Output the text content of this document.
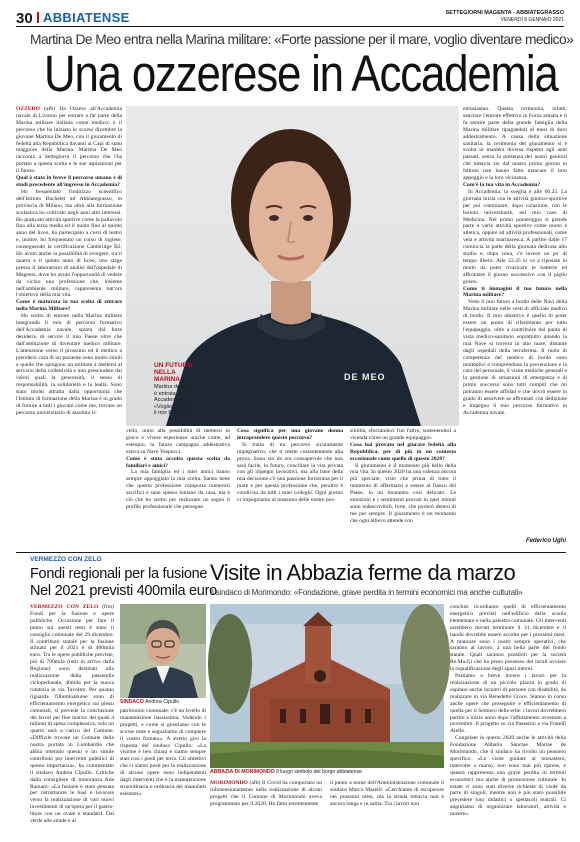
30 ABBIATENSE	SETTEGIORNI MAGENTA - ABBIATEGRASSO
VENERDÌ 8 GENNAIO 2021
Martina De Meo entra nella Marina militare: «Forte passione per il mare, voglio diventare medico»
Una ozzerese in Accademia

OZZERO (afb) Da Ozzero all'Accademia navale di Livorno per entrare a far parte della Marina militare italiana come medico: è il percorso che ha iniziato lo scorso dicembre la giovane Martina De Meo, con il giuramento di fedeltà alla Repubblica davanti ai Capi di stato maggiore della Marina. Martina De Meo racconta a Settegiorni il percorso che l'ha portato a questa scelta e le sue aspirazioni per il futuro.

Qual è stato in breve il percorso umano e di studi precedente all'ingresso in Accademia?

Ho frequentato l'indirizzo scientifico dell'Istituto Bachelet ad Abbiategrasso, in provincia di Milano, ma oltre alla formazione scolastica ho coltivato negli anni altri interessi. Ho praticato attività sportive come la pallavolo fino alla terza media ed il nuoto fino al quinto anno del liceo, ho partecipato a corsi di teatro e, inoltre, ho frequentato un corso di inglese, conseguendo la certificazione Cambridge B2. Ho avuto anche la possibilità di svolgere, tra il quarto e il quinto anno di liceo, uno stage presso il laboratorio di analisi dell'ospedale di Magenta, dove ho avuto l'opportunità di vedere da vicino una professione che, insieme nell'ambiente militare, rappresenta tutt'ora l'obiettivo della mia vita.

Come è maturata la tua scelta di entrare nella Marina Militare?

Ho scelto di entrare nella Marina militare integrando il mio di percorso formativo dell'Accademia navale, spinta dal forte desiderio di servire il mio Paese oltre che dall'ambizione di diventare medico militare. L'attenzione verso il prossimo ed il medico a prendersi cura di un paziente sono molto simili a quelle che spingono un militare a mettersi al servizio della collettività e non prescindere dai valori quali la generosità, il senso di responsabilità, la solidarietà e la lealtà. Sono stato molto attratta dalla opportunità che l'Istituto di formazione della Marina è in grado di fornire a tutti i giovani come me, trovare un percorso universitario di assoluto li-

DE MEO
UN FUTURO NELLA MARINA
Martina de Meo è entrata in Accademia: «Voglio servire il mio Paese»

vello, unito alla possibilità di mettersi in gioco e vivere esperienze uniche come, ad esempio, la futura campagna addestrativa estiva su Nave Vespucci.

Come è stata accolta questa scelta da familiari e amici?

La mia famiglia ed i miei amici hanno sempre appoggiato la mia scelta. Sanno bene che questo professione comporta numerosi sacrifici e sane spesso lontano da casa, ma è ciò che ho scelto per realizzare un sogno il profilo professionale che persegue.

Cosa significa per una giovane donna intraprendere questo percorso?

Si tratta di un percorso sicuramente impegnativo, che ti mette costantemente alla prova. Sono sin da ora consapevole che non sarà facile, in futuro, conciliare la vita privata con gli impegni lavorativi, ma alla base della mia decisione c'è una passione fortissima per il mare e per questa professione che, peraltro è condivisa da tutti i miei colleghi. Ogni giorno ci impegniamo al massimo delle nostre pos-

sibilità, sforzandoci l'un l'altro, sostenendoci a vicenda come un grande equipaggio.

Cosa hai provato nel giurare fedeltà alla Repubblica, per di più in un contesto eccezionale come quello di questo 2020?

Il giuramento è il momento più bello della mia vita. In questo 2020 ha una valenza ancora più speciale, visto che prima di tutto il momento di affermarsi e essere al fianco del Paese, in un momento così delicato. Le emozioni e i sentimenti provati in quei minuti sono indescrivibili, forte, che porterò dentro di me per sempre. Il giuramento è un momento che ogni allievo attende con

entusiasmo. Questa cerimonia, infatti, sancisce l'entrare effettivo in Forza armata e ti fa sentire parte della grande famiglia della Marina militare ripagandoti di mesi di duro addestramento. A causa della situazione sanitaria, la cerimonia del giuramento si è svolta in maniera diversa rispetto agli anni passati, senza la presenza dei nostri genitori che tuttavia sin dal nostro primo giorno in Istituto non hanno fatto mancare il loro appoggio e la loro vicinanza.

Com'è la tua vita in Accademia?

In Accademia, la sveglia è alle 06.25. La giornata inizia con le attività ginnico-sportive per poi continuare, dopo colazione, con le lezioni universitarie, nel mio caso di Medicina. Nel primo pomeriggio si prende parte a varie attività sportive come nuoto e atletica, oppure ad attività professionali, come vela e attività marinaresca. A partire dalle 17 comincia la parte della giornata dedicata allo studio e, dopo cena, c'è invece un po' di tempo libero. Alle 22.45 si va a riposare in modo da poter ricaricare le batterie ed affrontare il giorno successivo con il piglio giusto.

Come ti immagini il tuo futuro nella Marina militare?

Vedo il mio futuro a bordo delle Navi della Marina militare nelle vesti di ufficiale medico di bordo. Il mio obiettivo è quello di poter essere un punto di riferimento per tutto l'equipaggio, oltre a contribuire dal punto di vista medico-sanitario soprattutto quando la mia Nave si troverà in alto mare, distante dagli ospedali della terraferma. Il ruolo di competenza del medico di bordo sono molteplici e comprendono la prevenzione e la cura del personale, il visite mediche generali e la gestione di situazioni di emergenza e di primo soccorso sono tutti compiti che mi potranno essere affidati e che dovrò essere in grado di assolvere se affrontati con dedizione e impegno il mio percorso formativo in Accademia navale.

Federico Ughi
VERMEZZO CON ZELO
Fondi regionali per la fusione
Nel 2021 previsti 400mila euro

VERMEZZO CON ZELO (frm) Fondi per la fusione e opere pubbliche. Occasione per fare il punto sui questi temi è stato il consiglio comunale del 29 dicembre. Il contributo statale per la fusione stimato per il 2021 è di 400mila euro. Tra le opere pubbliche previste, più di 700mila (tutti in arrivo dalla Regione) sono destinati alla realizzazione della passerella ciclopedonale, 40mila per la nuova rotatoria in via Tavoltre. Per quanto riguarda l'illuminazione sono di efficientamento energetico sui plessi comunali, si prevede la conclusione dei lavori per fine marzo: dei quasi 4 milioni di spesa complessiva, solo un quarto sarà a carico del Comune. «Difficile trovare un Comune della nostra portata in Lombardia che abbia ottenuto questo e un simile contributo per interventi pubblici di questa importanza», ha commentato il sindaco Andrea Cipullo. Critiche dalla consigliere di minoranza Ada Ramaro: «La fusione è stato pensata per ristrutturare le basi e lavorare verso la realizzazione di vari nuovi investimenti di un'opera per il gastro-litore con un ovale e standard. Dal verde alle strade e al

SINDACO Andrea Cipullo

patrimonio comunale: c'è un livello di manutenzione bassissima. Vedendo i progetti, e come si giustiamo con le scorse rotte e segnaliamo di compiere il vostro firmato». A stretto giro la risposta del sindaco Cipullo: «La visione è ben chiara e siamo sempre stati così i piedi per terra. Gli obiettivi che ci siamo posti per la realizzazione di alcune opere sono indipendenti dagli interventi che è la manutenzione straordinaria e ordinaria dei manufatti esistenti».

Visite in Abbazia ferme da marzo
Il sindaco di Morimondo: «Fondazione, grave perdita in termini economici ma anche culturali»
ABBAZIA DI MORIMONDO Il luogo simbolo del borgo abbiatense

MORIMONDO (afb) Il Covid ha comportato un ridimensionamento nella realizzazione di alcuni progetti che il Comune di Morimondo aveva programmato per il 2020. Ho fatto recentemente

il punto a nome dell'Amministrazione comunale il sindaco Marco Marelli: «Cerchiamo di recuperare nei prossimi mesi, ma la strada tuttavia non è ancora lunga e in salita. Tra i lavori non

conclusi ricordiamo quelli di efficientamento energetico previsti nell'edificio della scuola elementare e nella palestra comunale. Gli interventi sarebbero dovuti terminare il 31 dicembre e il bando dovrebbe essere accolto per i prossimi mesi. A mancare sono i nostri sempre operativi, che saranno al lavoro, a una bella parte del fondo statale. Quali saranno possibili per la società Re.Ma.Gi che ha preso possesso dei locali avviare la riqualificazione degli spazi interni.

Partiamo a breve invece i lavori per la realizzazione di un piccolo piazza in grado di ospitare anche incontri di persone con disabilità, da realizzare in via Benedetto Croce. Stanno in corso anche opere che proseguire e efficientamento di quella per il Sentiero delle erbe: i lavori dovrebbero partire a inizio anno dopo l'affidamento avvenuto a novembre. Il progetto su via Passerini a via Fratelli Aiello.

Congelate in questo 2020 anche le attività della Fondazione Abbatia Sanctae Mariae de Morimundo, che il sindaco ha rivolto un pensiero specifico: «Le visite guidate al monastero, interrotte a marzo, non sono mai più riprese, e questo rappresenta una grave perdita in termini economici ma anche di promozione culturale. In estate ci sono stati diverse richieste di visite da parte di singoli, mentre non è più stato possibile prevedere tour didattici o spettacoli teatrali. Ci auguriamo di organizzare laboratori, attività e mostre».
